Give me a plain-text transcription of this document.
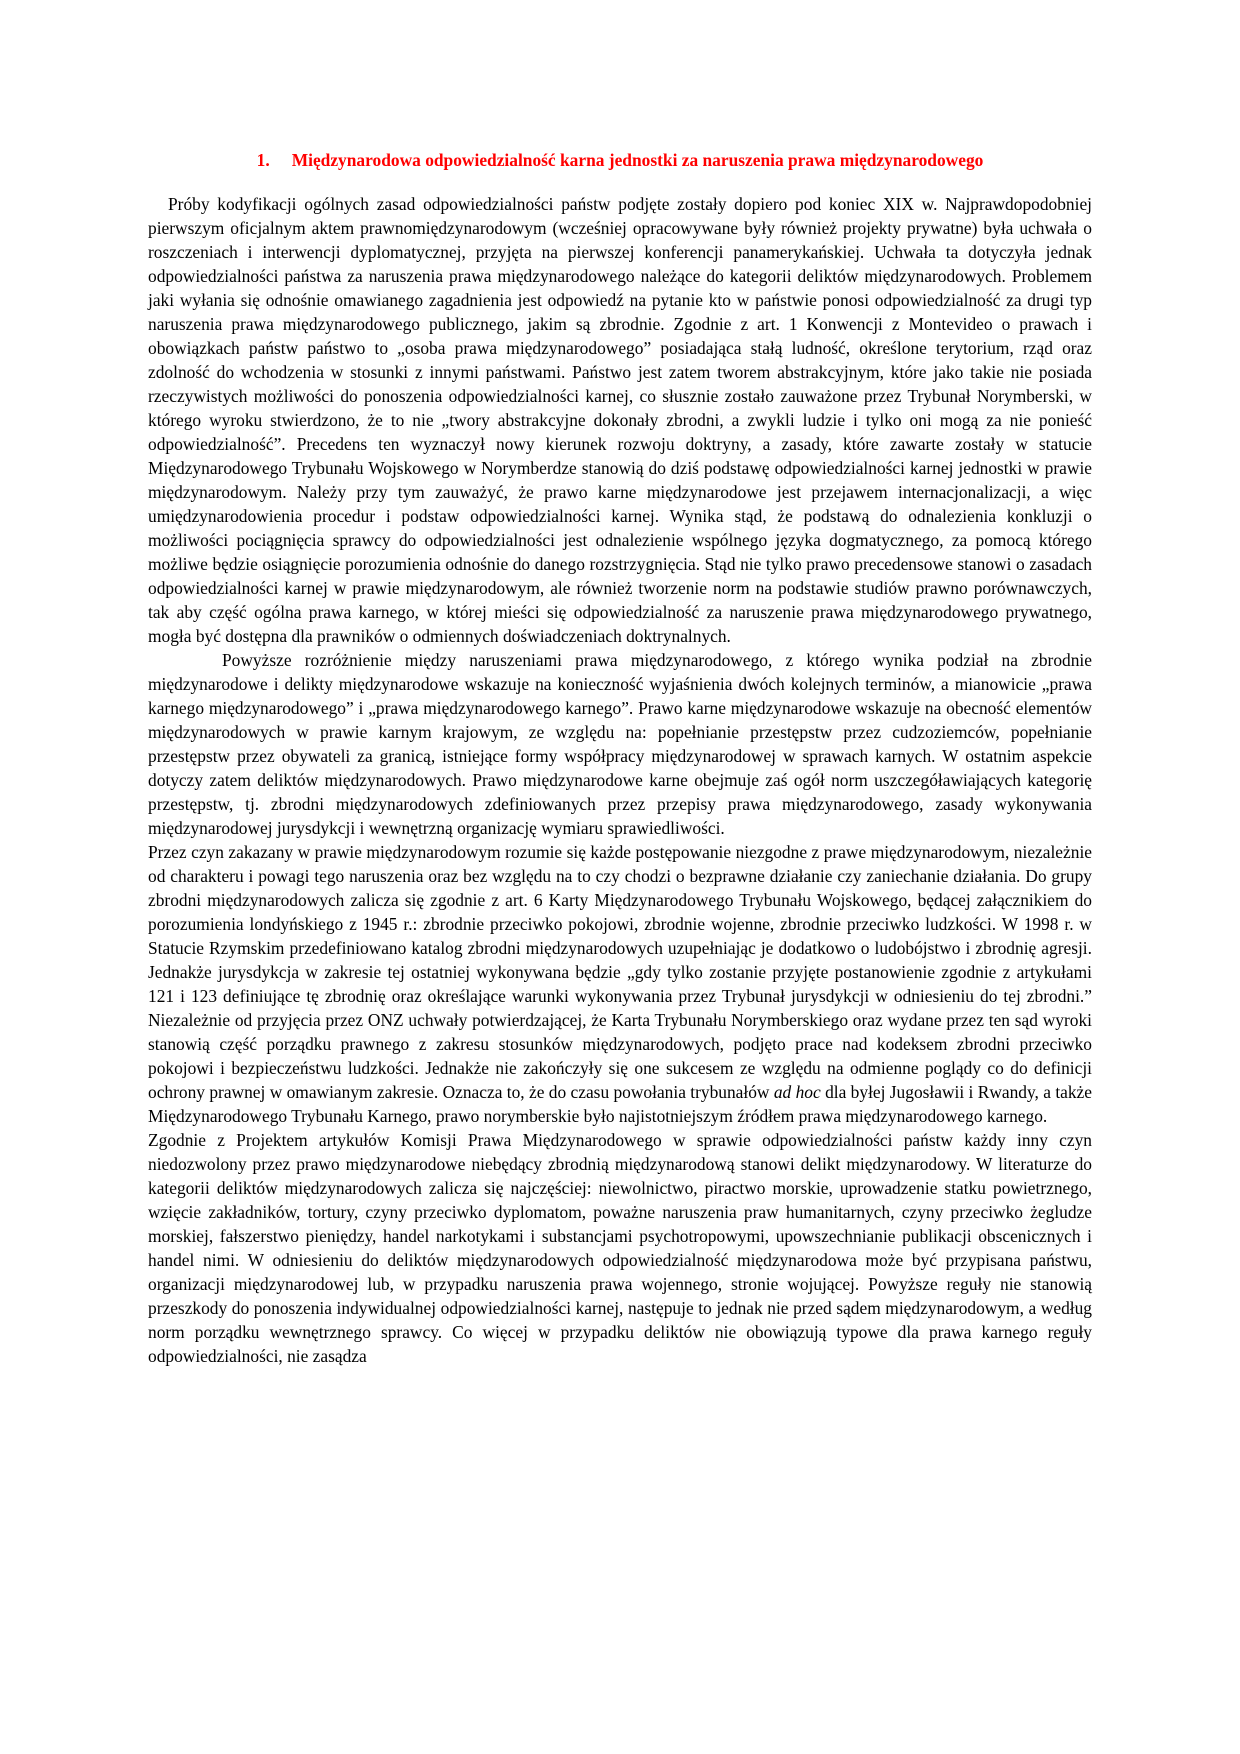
1. Międzynarodowa odpowiedzialność karna jednostki za naruszenia prawa międzynarodowego

Próby kodyfikacji ogólnych zasad odpowiedzialności państw podjęte zostały dopiero pod koniec XIX w. Najprawdopodobniej pierwszym oficjalnym aktem prawnomiędzynarodowym (wcześniej opracowywane były również projekty prywatne) była uchwała o roszczeniach i interwencji dyplomatycznej, przyjęta na pierwszej konferencji panamerykańskiej. Uchwała ta dotyczyła jednak odpowiedzialności państwa za naruszenia prawa międzynarodowego należące do kategorii deliktów międzynarodowych. Problemem jaki wyłania się odnośnie omawianego zagadnienia jest odpowiedź na pytanie kto w państwie ponosi odpowiedzialność za drugi typ naruszenia prawa międzynarodowego publicznego, jakim są zbrodnie. Zgodnie z art. 1 Konwencji z Montevideo o prawach i obowiązkach państw państwo to „osoba prawa międzynarodowego” posiadająca stałą ludność, określone terytorium, rząd oraz zdolność do wchodzenia w stosunki z innymi państwami. Państwo jest zatem tworem abstrakcyjnym, które jako takie nie posiada rzeczywistych możliwości do ponoszenia odpowiedzialności karnej, co słusznie zostało zauważone przez Trybunał Norymberski, w którego wyroku stwierdzono, że to nie „twory abstrakcyjne dokonały zbrodni, a zwykli ludzie i tylko oni mogą za nie ponieść odpowiedzialność”. Precedens ten wyznaczył nowy kierunek rozwoju doktryny, a zasady, które zawarte zostały w statucie Międzynarodowego Trybunału Wojskowego w Norymberdze stanowią do dziś podstawę odpowiedzialności karnej jednostki w prawie międzynarodowym. Należy przy tym zauważyć, że prawo karne międzynarodowe jest przejawem internacjonalizacji, a więc umiędzynarodowienia procedur i podstaw odpowiedzialności karnej. Wynika stąd, że podstawą do odnalezienia konkluzji o możliwości pociągnięcia sprawcy do odpowiedzialności jest odnalezienie wspólnego języka dogmatycznego, za pomocą którego możliwe będzie osiągnięcie porozumienia odnośnie do danego rozstrzygnięcia. Stąd nie tylko prawo precedensowe stanowi o zasadach odpowiedzialności karnej w prawie międzynarodowym, ale również tworzenie norm na podstawie studiów prawno porównawczych, tak aby część ogólna prawa karnego, w której mieści się odpowiedzialność za naruszenie prawa międzynarodowego prywatnego, mogła być dostępna dla prawników o odmiennych doświadczeniach doktrynalnych.

Powyższe rozróżnienie między naruszeniami prawa międzynarodowego, z którego wynika podział na zbrodnie międzynarodowe i delikty międzynarodowe wskazuje na konieczność wyjaśnienia dwóch kolejnych terminów, a mianowicie „prawa karnego międzynarodowego” i „prawa międzynarodowego karnego”. Prawo karne międzynarodowe wskazuje na obecność elementów międzynarodowych w prawie karnym krajowym, ze względu na: popełnianie przestępstw przez cudzoziemców, popełnianie przestępstw przez obywateli za granicą, istniejące formy współpracy międzynarodowej w sprawach karnych. W ostatnim aspekcie dotyczy zatem deliktów międzynarodowych. Prawo międzynarodowe karne obejmuje zaś ogół norm uszczegóławiających kategorię przestępstw, tj. zbrodni międzynarodowych zdefiniowanych przez przepisy prawa międzynarodowego, zasady wykonywania międzynarodowej jurysdykcji i wewnętrzną organizację wymiaru sprawiedliwości.

Przez czyn zakazany w prawie międzynarodowym rozumie się każde postępowanie niezgodne z prawe międzynarodowym, niezależnie od charakteru i powagi tego naruszenia oraz bez względu na to czy chodzi o bezprawne działanie czy zaniechanie działania. Do grupy zbrodni międzynarodowych zalicza się zgodnie z art. 6 Karty Międzynarodowego Trybunału Wojskowego, będącej załącznikiem do porozumienia londyńskiego z 1945 r.: zbrodnie przeciwko pokojowi, zbrodnie wojenne, zbrodnie przeciwko ludzkości. W 1998 r. w Statucie Rzymskim przedefiniowano katalog zbrodni międzynarodowych uzupełniając je dodatkowo o ludobójstwo i zbrodnię agresji. Jednakże jurysdykcja w zakresie tej ostatniej wykonywana będzie „gdy tylko zostanie przyjęte postanowienie zgodnie z artykułami 121 i 123 definiujące tę zbrodnię oraz określające warunki wykonywania przez Trybunał jurysdykcji w odniesieniu do tej zbrodni.” Niezależnie od przyjęcia przez ONZ uchwały potwierdzającej, że Karta Trybunału Norymberskiego oraz wydane przez ten sąd wyroki stanowią część porządku prawnego z zakresu stosunków międzynarodowych, podjęto prace nad kodeksem zbrodni przeciwko pokojowi i bezpieczeństwu ludzkości. Jednakże nie zakończyły się one sukcesem ze względu na odmienne poglądy co do definicji ochrony prawnej w omawianym zakresie. Oznacza to, że do czasu powołania trybunałów ad hoc dla byłej Jugosławii i Rwandy, a także Międzynarodowego Trybunału Karnego, prawo norymberskie było najistotniejszym źródłem prawa międzynarodowego karnego.

Zgodnie z Projektem artykułów Komisji Prawa Międzynarodowego w sprawie odpowiedzialności państw każdy inny czyn niedozwolony przez prawo międzynarodowe niebędący zbrodnią międzynarodową stanowi delikt międzynarodowy. W literaturze do kategorii deliktów międzynarodowych zalicza się najczęściej: niewolnictwo, piractwo morskie, uprowadzenie statku powietrznego, wzięcie zakładników, tortury, czyny przeciwko dyplomatom, poważne naruszenia praw humanitarnych, czyny przeciwko żegludze morskiej, fałszerstwo pieniędzy, handel narkotykami i substancjami psychotropowymi, upowszechnianie publikacji obscenicznych i handel nimi. W odniesieniu do deliktów międzynarodowych odpowiedzialność międzynarodowa może być przypisana państwu, organizacji międzynarodowej lub, w przypadku naruszenia prawa wojennego, stronie wojującej. Powyższe reguły nie stanowią przeszkody do ponoszenia indywidualnej odpowiedzialności karnej, następuje to jednak nie przed sądem międzynarodowym, a według norm porządku wewnętrznego sprawcy. Co więcej w przypadku deliktów nie obowiązują typowe dla prawa karnego reguły odpowiedzialności, nie zasądza
